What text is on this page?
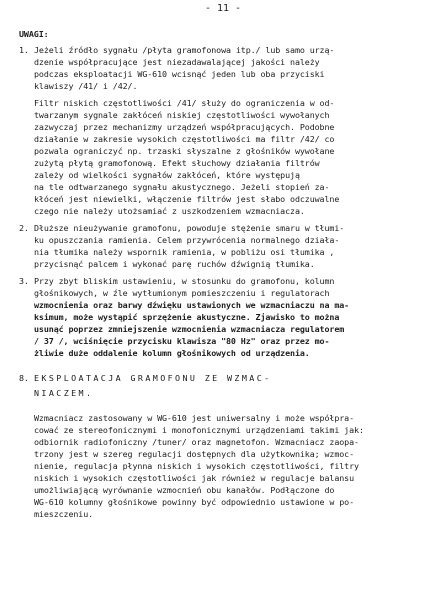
- 11 -
UWAGI:
1. Jeżeli źródło sygnału /płyta gramofonowa itp./ lub samo urzą-
dzenie współpracujące jest niezadawalającej jakości należy
podczas eksploatacji WG-610 wcisnąć jeden lub oba przyciski
klawiszy /41/ i /42/.
Filtr niskich częstotliwości /41/ służy do ograniczenia w od-
twarzanym sygnale zakłóceń niskiej częstotliwości wywołanych
zazwyczaj przez mechanizmy urządzeń współpracujących. Podobne
działanie w zakresie wysokich częstotliwości ma filtr /42/ co
pozwala ograniczyć np. trzaski słyszalne z głośników wywołane
zużytą płytą gramofonową. Efekt słuchowy działania filtrów
zależy od wielkości sygnałów zakłóceń, które występują
na tle odtwarzanego sygnału akustycznego. Jeżeli stopień za-
kłóceń jest niewielki, włączenie filtrów jest słabo odczuwalne
czego nie należy utożsamiać z uszkodzeniem wzmacniacza.
2. Dłuższe nieużywanie gramofonu, powoduje stężenie smaru w tłumi-
ku opuszczania ramienia. Celem przywrócenia normalnego działa-
nia tłumika należy wspornik ramienia, w pobliżu osi tłumika ,
przycisnąć palcem i wykonać parę ruchów dźwignią tłumika.
3. Przy zbyt bliskim ustawieniu, w stosunku do gramofonu, kolumn
głośnikowych, w źle wytłumionym pomieszczeniu i regulatorach
wzmocnienia oraz barwy dźwięku ustawionych we wzmacniaczu na ma-
ksimum, może wystąpić sprzężenie akustyczne. Zjawisko to można
usunąć poprzez zmniejszenie wzmocnienia wzmacniacza regulatorem
/ 37 /, wciśnięcie przycisku klawisza "80 Hz" oraz przez mo-
żliwie duże oddalenie kolumn głośnikowych od urządzenia.
8. EKSPLOATACJA GRAMOFONU ZE WZMAC-
NIACZEM.
Wzmacniacz zastosowany w WG-610 jest uniwersalny i może współpra-
cować ze stereofonicznymi i monofonicznymi urządzeniami takimi jak:
odbiornik radiofoniczny /tuner/ oraz magnetofon. Wzmacniacz zaopa-
trzony jest w szereg regulacji dostępnych dla użytkownika; wzmoc-
nienie, regulacja płynna niskich i wysokich częstotliwości, filtry
niskich i wysokich częstotliwości jak również w regulacje balansu
umożliwiającą wyrównanie wzmocnień obu kanałów. Podłączone do
WG-610 kolumny głośnikowe powinny być odpowiednio ustawione w po-
mieszczeniu.
